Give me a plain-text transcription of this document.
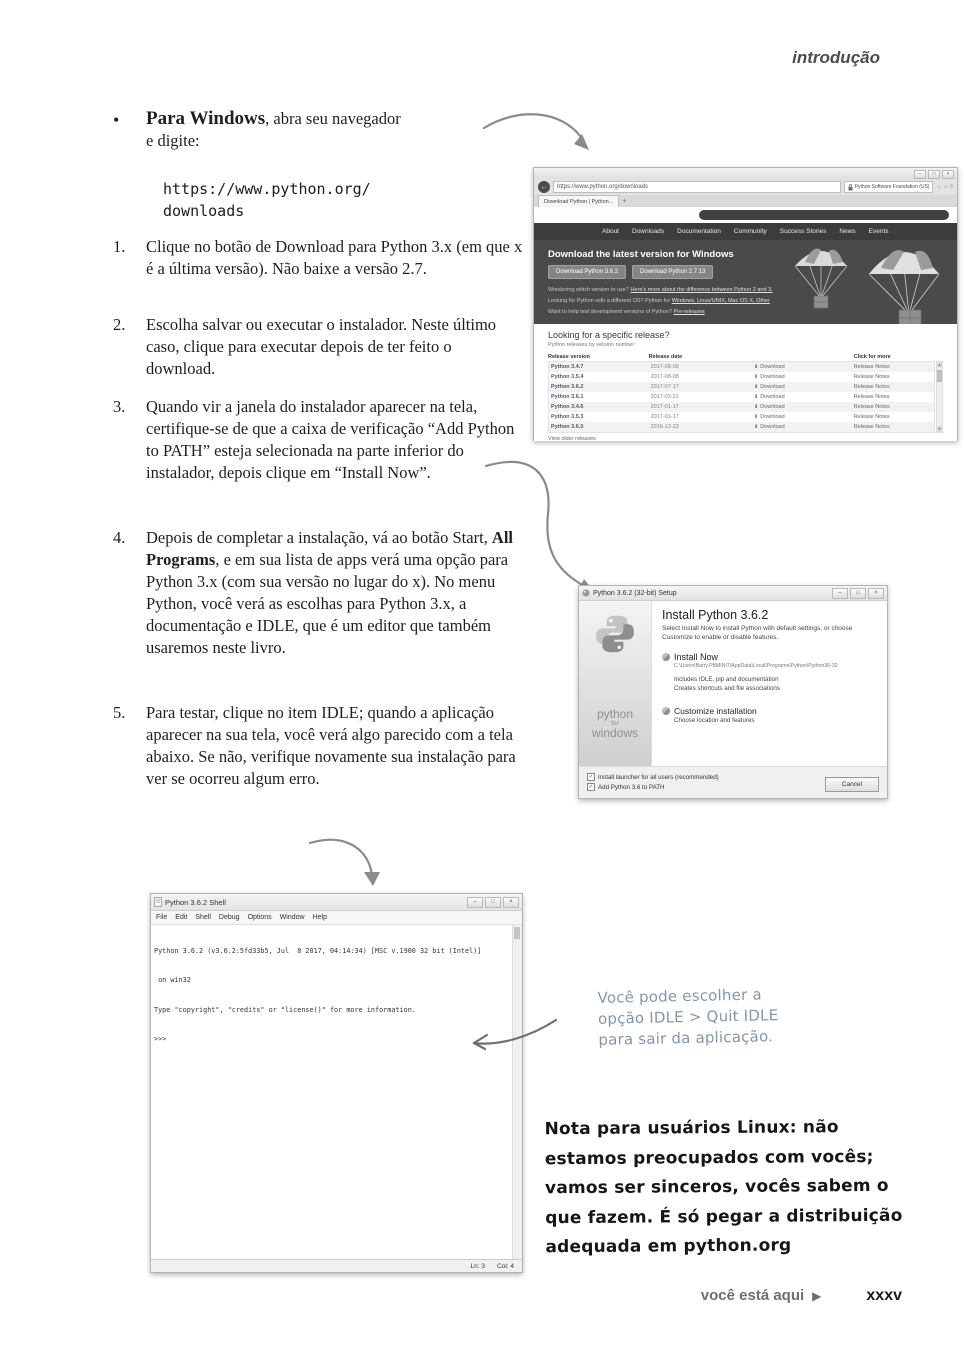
introdução
•	Para Windows, abra seu navegador
e digite:
https://www.python.org/
downloads
1.	Clique no botão de Download para Python 3.x (em que x é a última versão). Não baixe a versão 2.7.
2.	Escolha salvar ou executar o instalador. Neste último caso, clique para executar depois de ter feito o download.
3.	Quando vir a janela do instalador aparecer na tela, certifique-se de que a caixa de verificação “Add Python to PATH” esteja selecionada na parte inferior do instalador, depois clique em “Install Now”.
4.	Depois de completar a instalação, vá ao botão Start, All Programs, e em sua lista de apps verá uma opção para Python 3.x (com sua versão no lugar do x). No menu Python, você verá as escolhas para Python 3.x, a documentação e IDLE, que é um editor que também usaremos neste livro.
5.	Para testar, clique no item IDLE; quando a aplicação aparecer na sua tela, você verá algo parecido com a tela abaixo. Se não, verifique novamente sua instalação para ver se ocorreu algum erro.
–	□	×
←	https://www.python.org/downloads	Python Software Foundation (US) ☆ ⌂ ≡
Download Python | Python...	+
About Downloads Documentation Community Success Stories News Events
Download the latest version for Windows
Download Python 3.6.2	Download Python 2.7.13
Wondering which version to use? Here's more about the difference between Python 2 and 3.
Looking for Python with a different OS? Python for Windows, Linux/UNIX, Mac OS X, Other
Want to help test development versions of Python? Pre-releases
Looking for a specific release?
Python releases by version number:
Release version	Release date	Click for more
Python 3.4.7	2017-08-09	⬇ Download	Release Notes
Python 3.5.4	2017-08-08	⬇ Download	Release Notes
Python 3.6.2	2017-07-17	⬇ Download	Release Notes
Python 3.6.1	2017-03-21	⬇ Download	Release Notes
Python 3.4.6	2017-01-17	⬇ Download	Release Notes
Python 3.5.3	2017-01-17	⬇ Download	Release Notes
Python 3.6.0	2016-12-23	⬇ Download	Release Notes
▲
▼
View older releases
Python 3.6.2 (32-bit) Setup	–	□	×
python
for
windows
Install Python 3.6.2
Select Install Now to install Python with default settings, or choose
Customize to enable or disable features.
Install Now
C:\Users\Barry.PBMINI7\AppData\Local\Programs\Python\Python36-32
Includes IDLE, pip and documentation
Creates shortcuts and file associations
Customize installation
Choose location and features
✓ Install launcher for all users (recommended)
✓ Add Python 3.6 to PATH	Cancel
Python 3.6.2 Shell	–	□	×
File Edit Shell Debug Options Window Help

Python 3.6.2 (v3.6.2:5fd33b5, Jul  8 2017, 04:14:34) [MSC v.1900 32 bit (Intel)]

on win32

Type "copyright", "credits" or "license()" for more information.

>>>

Ln: 3 Col: 4
Você pode escolher a
opção IDLE > Quit IDLE
para sair da aplicação.
Nota para usuários Linux: não
estamos preocupados com vocês;
vamos ser sinceros, vocês sabem o
que fazem. É só pegar a distribuição
adequada em python.org
você está aqui ▶	xxxv
